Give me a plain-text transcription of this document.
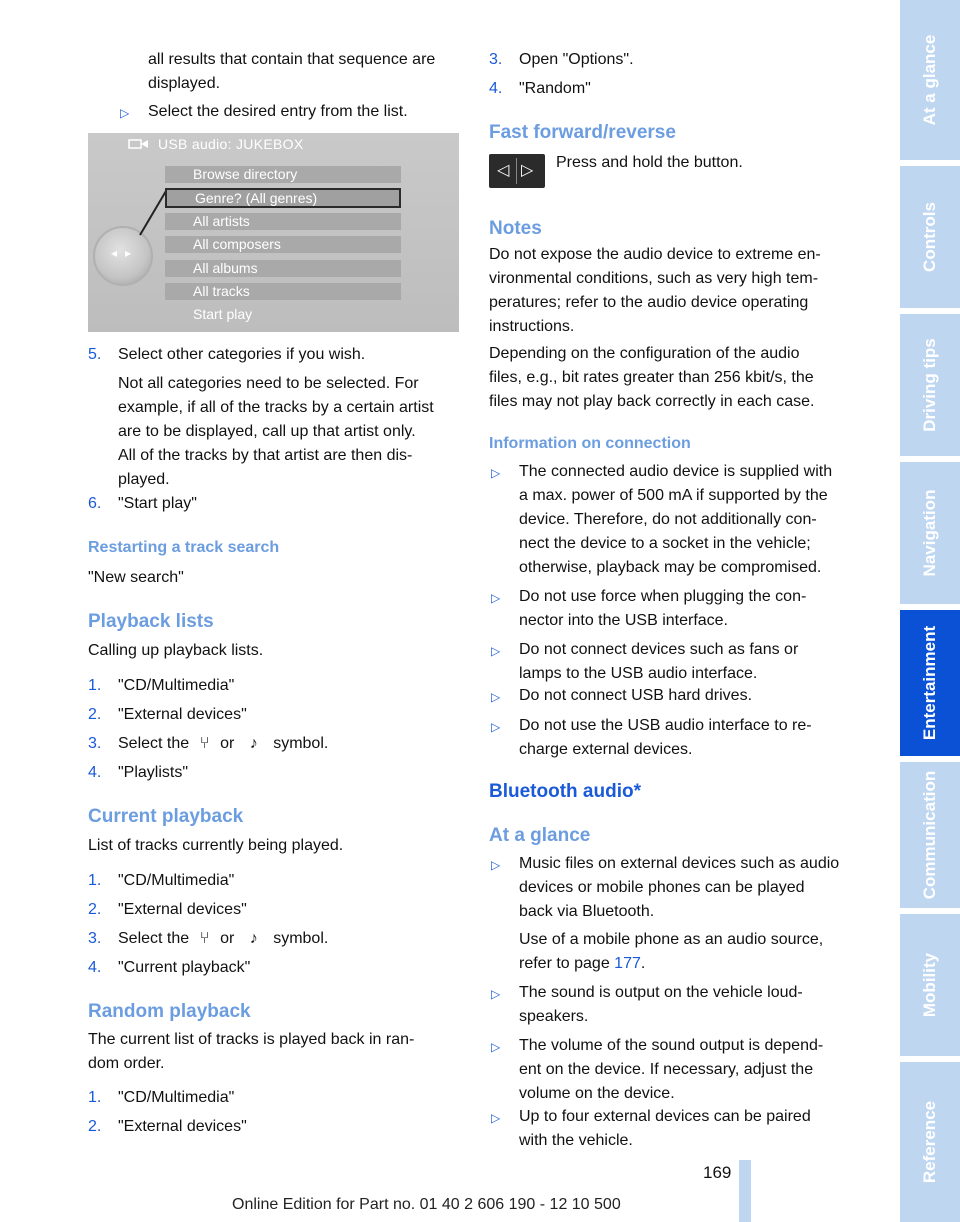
all results that contain that sequence are

displayed.

▷ Select the desired entry from the list.

USB audio: JUKEBOX
◂▸
Browse directory
Genre? (All genres)
All artists
All composers
All albums
All tracks
Start play
5. Select other categories if you wish.

Not all categories need to be selected. For

example, if all of the tracks by a certain artist

are to be displayed, call up that artist only.

All of the tracks by that artist are then dis-

played.

6. "Start play"

Restarting a track search

"New search"

Playback lists

Calling up playback lists.

1. "CD/Multimedia"

2. "External devices"

3. Select the ⑂ or ♪ symbol.

4. "Playlists"

Current playback

List of tracks currently being played.

1. "CD/Multimedia"

2. "External devices"

3. Select the ⑂ or ♪ symbol.

4. "Current playback"

Random playback

The current list of tracks is played back in ran-

dom order.

1. "CD/Multimedia"

2. "External devices"

3. Open "Options".

4. "Random"

Fast forward/reverse
◁ ▷ Press and hold the button.

Notes

Do not expose the audio device to extreme en-

vironmental conditions, such as very high tem-

peratures; refer to the audio device operating

instructions.

Depending on the configuration of the audio

files, e.g., bit rates greater than 256 kbit/s, the

files may not play back correctly in each case.

Information on connection
▷ The connected audio device is supplied with

a max. power of 500 mA if supported by the

device. Therefore, do not additionally con-

nect the device to a socket in the vehicle;

otherwise, playback may be compromised.

▷ Do not use force when plugging the con-

nector into the USB interface.

▷ Do not connect devices such as fans or

lamps to the USB audio interface.

▷ Do not connect USB hard drives.

▷ Do not use the USB audio interface to re-

charge external devices.

Bluetooth audio*
At a glance
▷ Music files on external devices such as audio

devices or mobile phones can be played

back via Bluetooth.

Use of a mobile phone as an audio source,

refer to page 177.

▷ The sound is output on the vehicle loud-

speakers.

▷ The volume of the sound output is depend-

ent on the device. If necessary, adjust the

volume on the device.

▷ Up to four external devices can be paired

with the vehicle.

At a glance
Controls
Driving tips
Navigation
Entertainment
Communication
Mobility
Reference
169
Online Edition for Part no. 01 40 2 606 190 - 12 10 500
